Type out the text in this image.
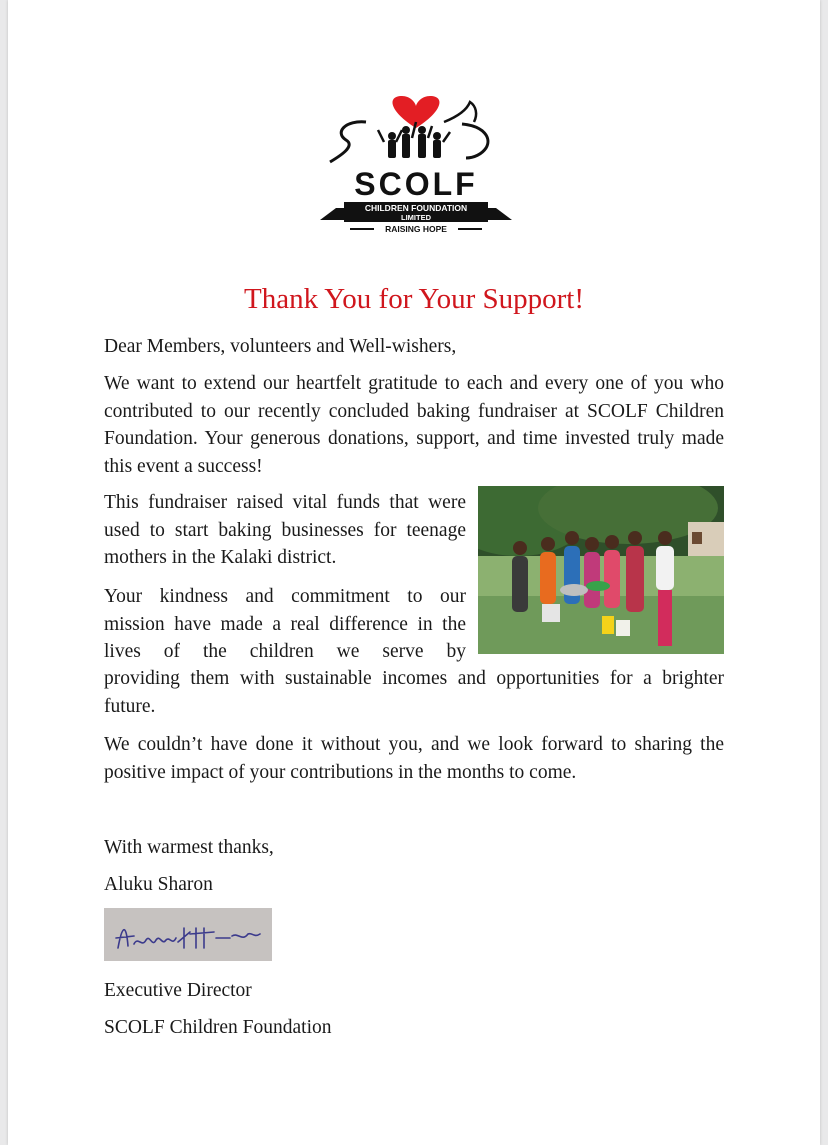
SCOLF
CHILDREN FOUNDATION
LIMITED
RAISING HOPE
Thank You for Your Support!

Dear Members, volunteers and Well-wishers,

We want to extend our heartfelt gratitude to each and every one of you who contributed to our recently concluded baking fundraiser at SCOLF Children Foundation. Your generous donations, support, and time invested truly made this event a success!

This fundraiser raised vital funds that were used to start baking businesses for teenage mothers in the Kalaki district.

Your kindness and commitment to our
mission have made a real difference in the
lives of the children we serve by

providing them with sustainable incomes and opportunities for a brighter future.

We couldn’t have done it without you, and we look forward to sharing the positive impact of your contributions in the months to come.

With warmest thanks,

Aluku Sharon

Executive Director

SCOLF Children Foundation
